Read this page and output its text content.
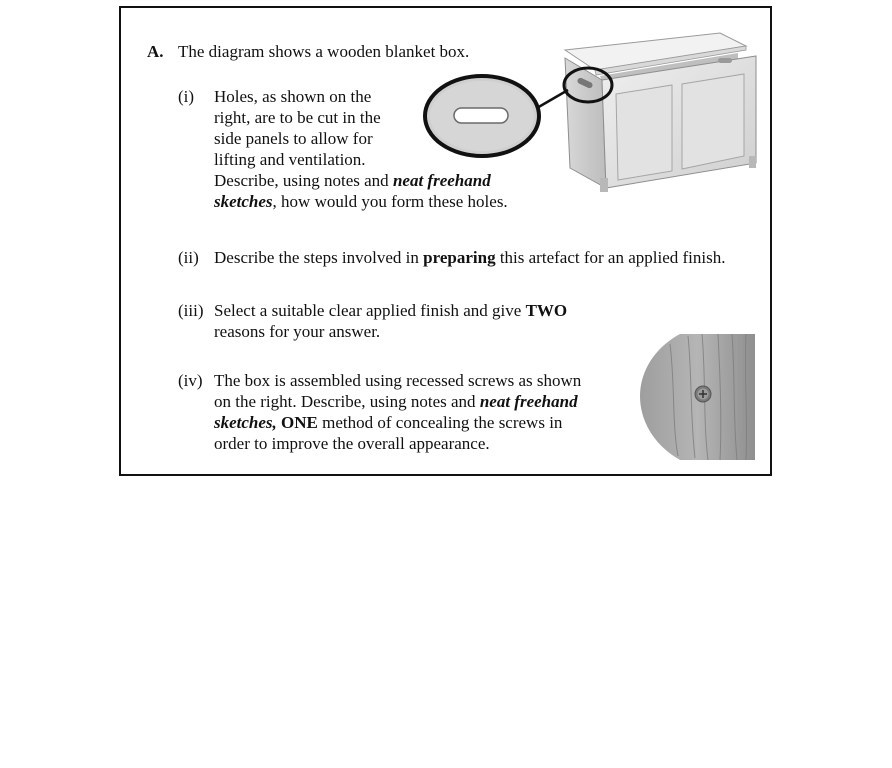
A. The diagram shows a wooden blanket box.
(i) Holes, as shown on the
right, are to be cut in the
side panels to allow for
lifting and ventilation.
Describe, using notes and neat freehand
sketches, how would you form these holes.
(ii) Describe the steps involved in preparing this artefact for an applied finish.
(iii) Select a suitable clear applied finish and give TWO
reasons for your answer.
(iv) The box is assembled using recessed screws as shown
on the right. Describe, using notes and neat freehand
sketches, ONE method of concealing the screws in
order to improve the overall appearance.
